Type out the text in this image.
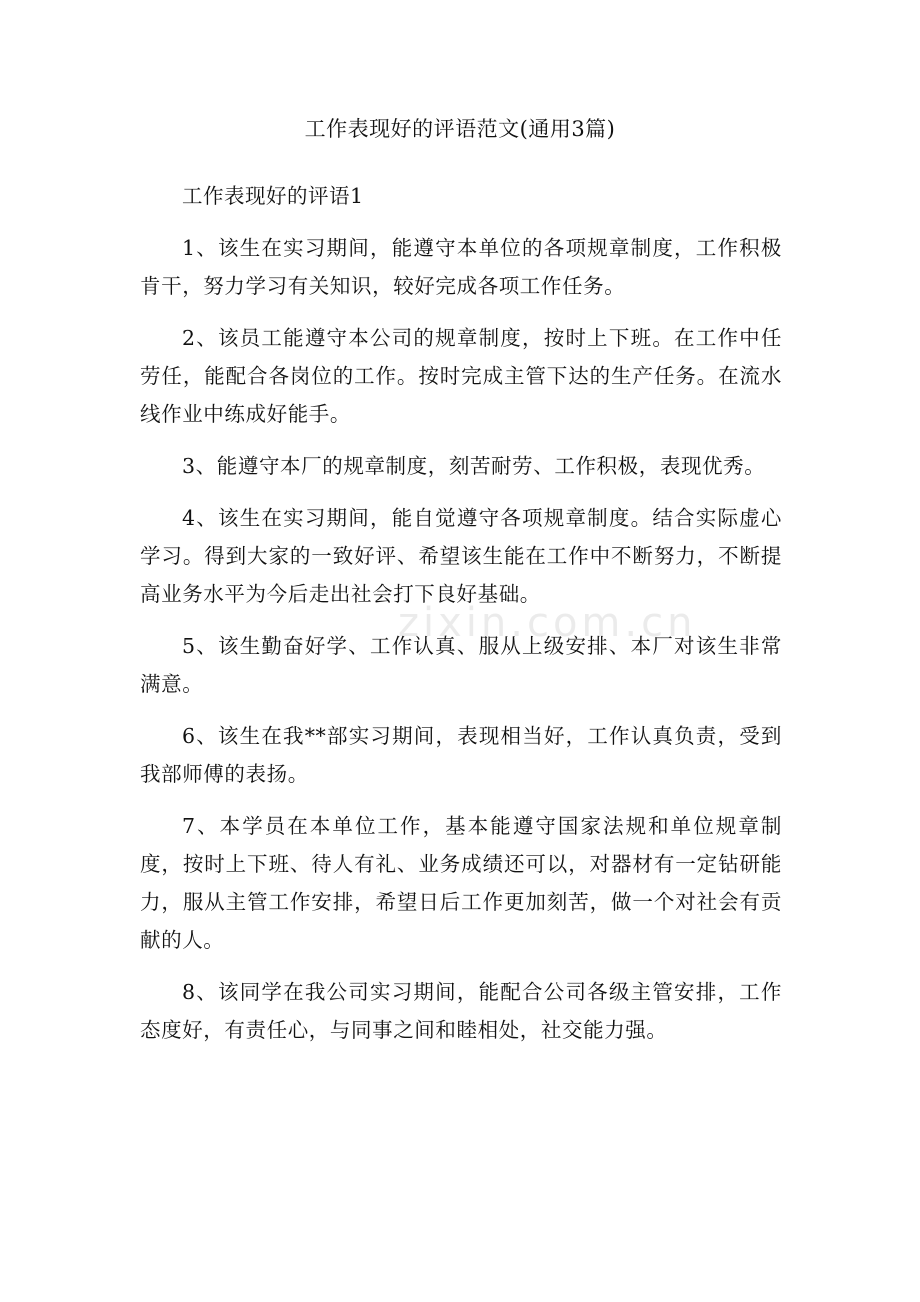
工作表现好的评语范文(通用3篇)

工作表现好的评语1

1、该生在实习期间，能遵守本单位的各项规章制度，工作积极肯干，努力学习有关知识，较好完成各项工作任务。

2、该员工能遵守本公司的规章制度，按时上下班。在工作中任劳任，能配合各岗位的工作。按时完成主管下达的生产任务。在流水线作业中练成好能手。

3、能遵守本厂的规章制度，刻苦耐劳、工作积极，表现优秀。

4、该生在实习期间，能自觉遵守各项规章制度。结合实际虚心学习。得到大家的一致好评、希望该生能在工作中不断努力，不断提高业务水平为今后走出社会打下良好基础。

5、该生勤奋好学、工作认真、服从上级安排、本厂对该生非常满意。

6、该生在我**部实习期间，表现相当好，工作认真负责，受到我部师傅的表扬。

7、本学员在本单位工作，基本能遵守国家法规和单位规章制度，按时上下班、待人有礼、业务成绩还可以，对器材有一定钻研能力，服从主管工作安排，希望日后工作更加刻苦，做一个对社会有贡献的人。

8、该同学在我公司实习期间，能配合公司各级主管安排，工作态度好，有责任心，与同事之间和睦相处，社交能力强。

zixin.com.cn
